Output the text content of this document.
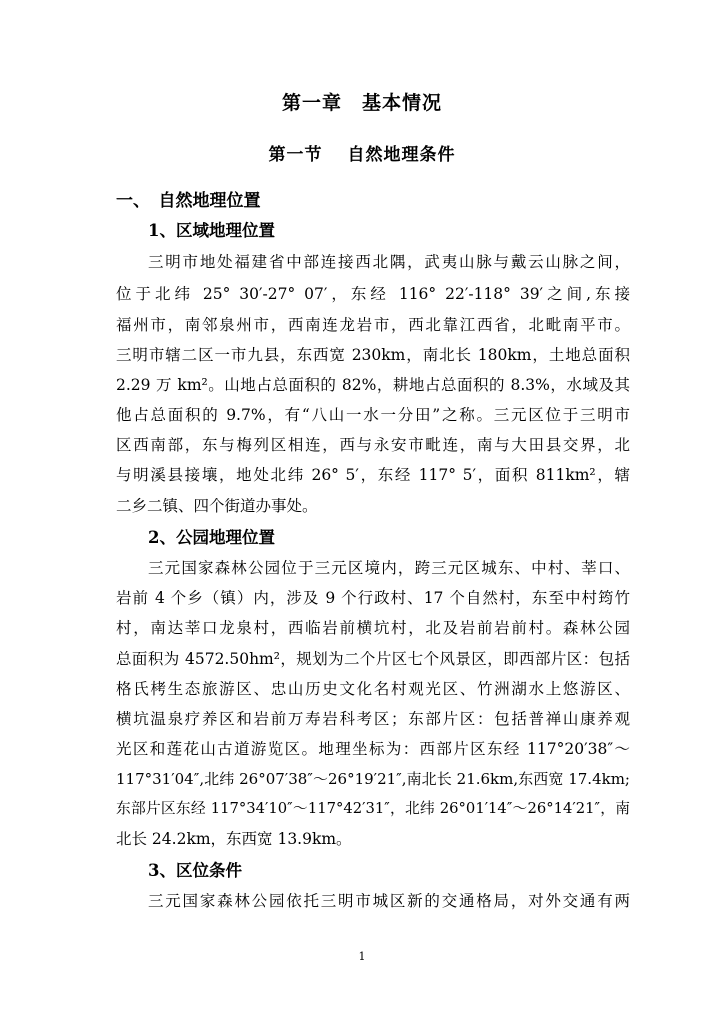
第一章　基本情况
第一节　 自然地理条件
一、　自然地理位置
1、区域地理位置
三明市地处福建省中部连接西北隅，武夷山脉与戴云山脉之间，
位于北纬 25° 30′-27° 07′，东经 116° 22′-118° 39′之间,东接
福州市，南邻泉州市，西南连龙岩市，西北靠江西省，北毗南平市。
三明市辖二区一市九县，东西宽 230km，南北长 180km，土地总面积
2.29 万 km²。山地占总面积的 82%，耕地占总面积的 8.3%，水域及其
他占总面积的 9.7%，有“八山一水一分田”之称。三元区位于三明市
区西南部，东与梅列区相连，西与永安市毗连，南与大田县交界，北
与明溪县接壤，地处北纬 26° 5′，东经 117° 5′，面积 811km²，辖
二乡二镇、四个街道办事处。
2、公园地理位置
三元国家森林公园位于三元区境内，跨三元区城东、中村、莘口、
岩前 4 个乡（镇）内，涉及 9 个行政村、17 个自然村，东至中村筠竹
村，南达莘口龙泉村，西临岩前横坑村，北及岩前岩前村。森林公园
总面积为 4572.50hm²，规划为二个片区七个风景区，即西部片区：包括
格氏栲生态旅游区、忠山历史文化名村观光区、竹洲湖水上悠游区、
横坑温泉疗养区和岩前万寿岩科考区；东部片区：包括普禅山康养观
光区和莲花山古道游览区。地理坐标为：西部片区东经 117°20′38″～
117°31′04″,北纬 26°07′38″～26°19′21″,南北长 21.6km,东西宽 17.4km;
东部片区东经 117°34′10″～117°42′31″，北纬 26°01′14″～26°14′21″，南
北长 24.2km，东西宽 13.9km。
3、区位条件
三元国家森林公园依托三明市城区新的交通格局，对外交通有两
1
